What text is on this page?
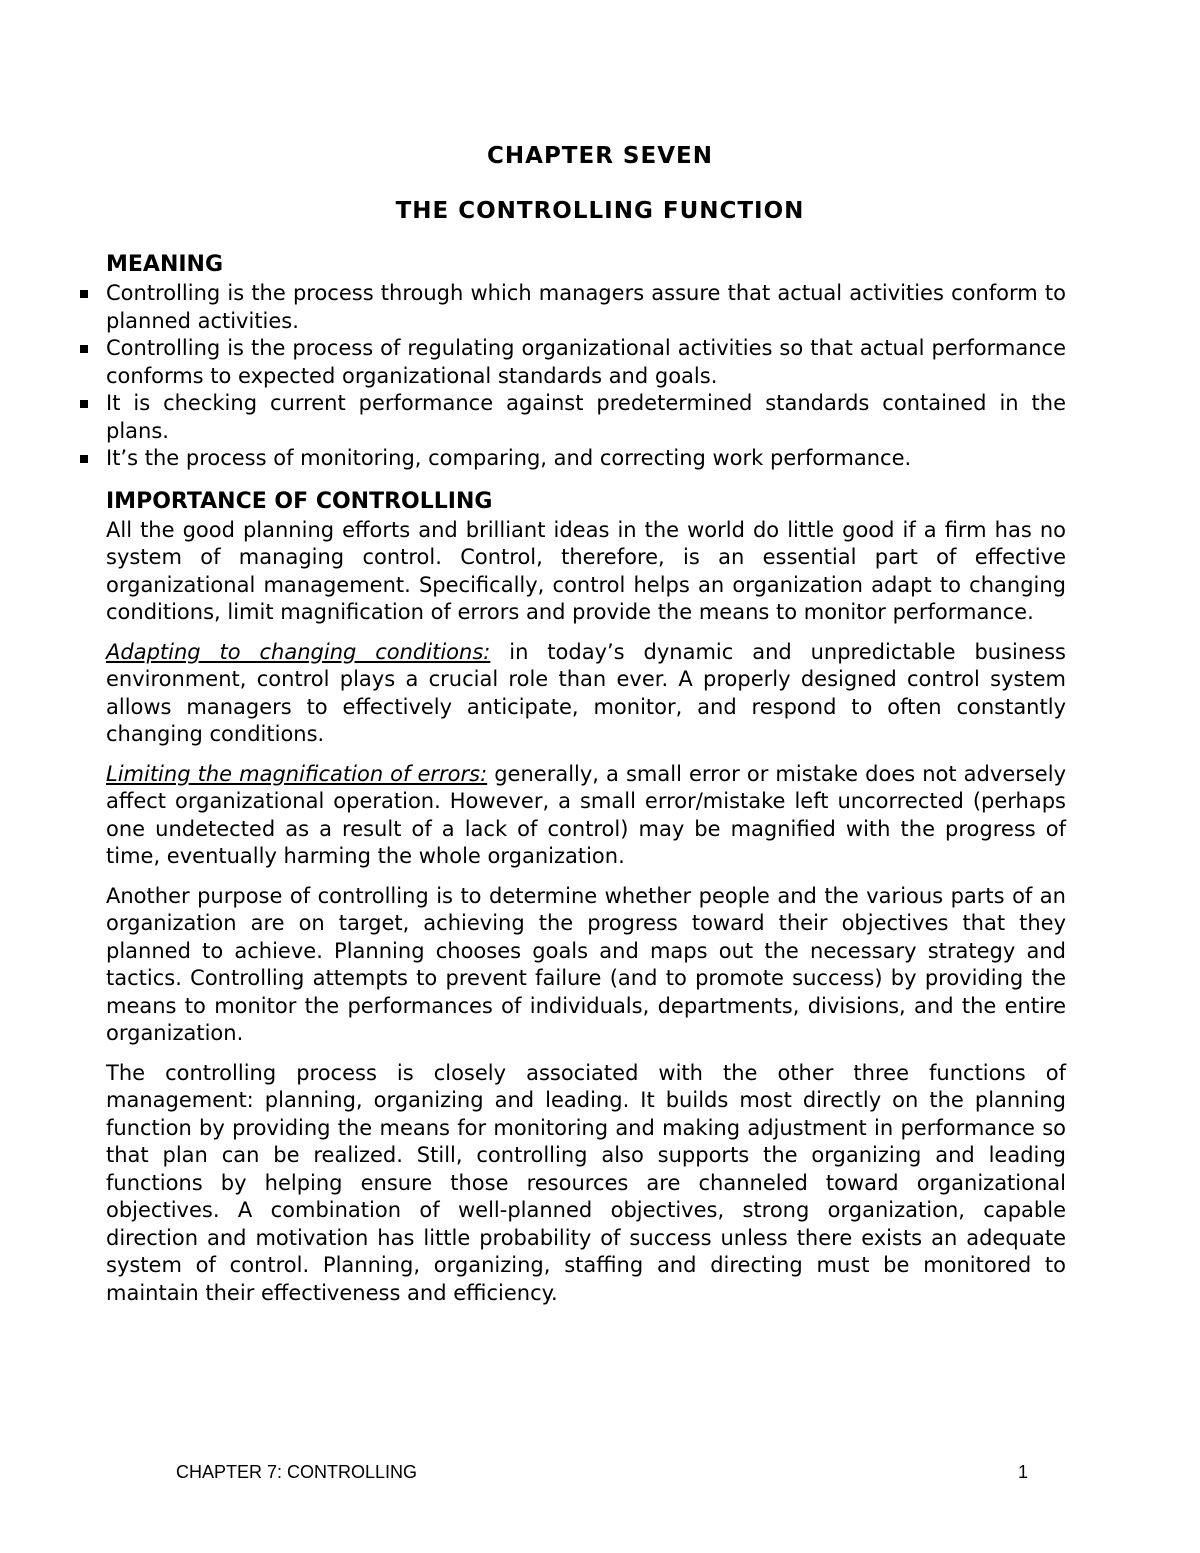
CHAPTER SEVEN
THE CONTROLLING FUNCTION
MEANING
Controlling is the process through which managers assure that actual activities conform to planned activities.
Controlling is the process of regulating organizational activities so that actual performance conforms to expected organizational standards and goals.
It is checking current performance against predetermined standards contained in the plans.
It’s the process of monitoring, comparing, and correcting work performance.
IMPORTANCE OF CONTROLLING

All the good planning efforts and brilliant ideas in the world do little good if a firm has no system of managing control. Control, therefore, is an essential part of effective organizational management. Specifically, control helps an organization adapt to changing conditions, limit magnification of errors and provide the means to monitor performance.

Adapting to changing conditions: in today’s dynamic and unpredictable business environment, control plays a crucial role than ever. A properly designed control system allows managers to effectively anticipate, monitor, and respond to often constantly changing conditions.

Limiting the magnification of errors: generally, a small error or mistake does not adversely affect organizational operation. However, a small error/mistake left uncorrected (perhaps one undetected as a result of a lack of control) may be magnified with the progress of time, eventually harming the whole organization.

Another purpose of controlling is to determine whether people and the various parts of an organization are on target, achieving the progress toward their objectives that they planned to achieve. Planning chooses goals and maps out the necessary strategy and tactics. Controlling attempts to prevent failure (and to promote success) by providing the means to monitor the performances of individuals, departments, divisions, and the entire organization.

The controlling process is closely associated with the other three functions of management: planning, organizing and leading. It builds most directly on the planning function by providing the means for monitoring and making adjustment in performance so that plan can be realized. Still, controlling also supports the organizing and leading functions by helping ensure those resources are channeled toward organizational objectives. A combination of well-planned objectives, strong organization, capable direction and motivation has little probability of success unless there exists an adequate system of control. Planning, organizing, staffing and directing must be monitored to maintain their effectiveness and efficiency.

CHAPTER 7: CONTROLLING	1
